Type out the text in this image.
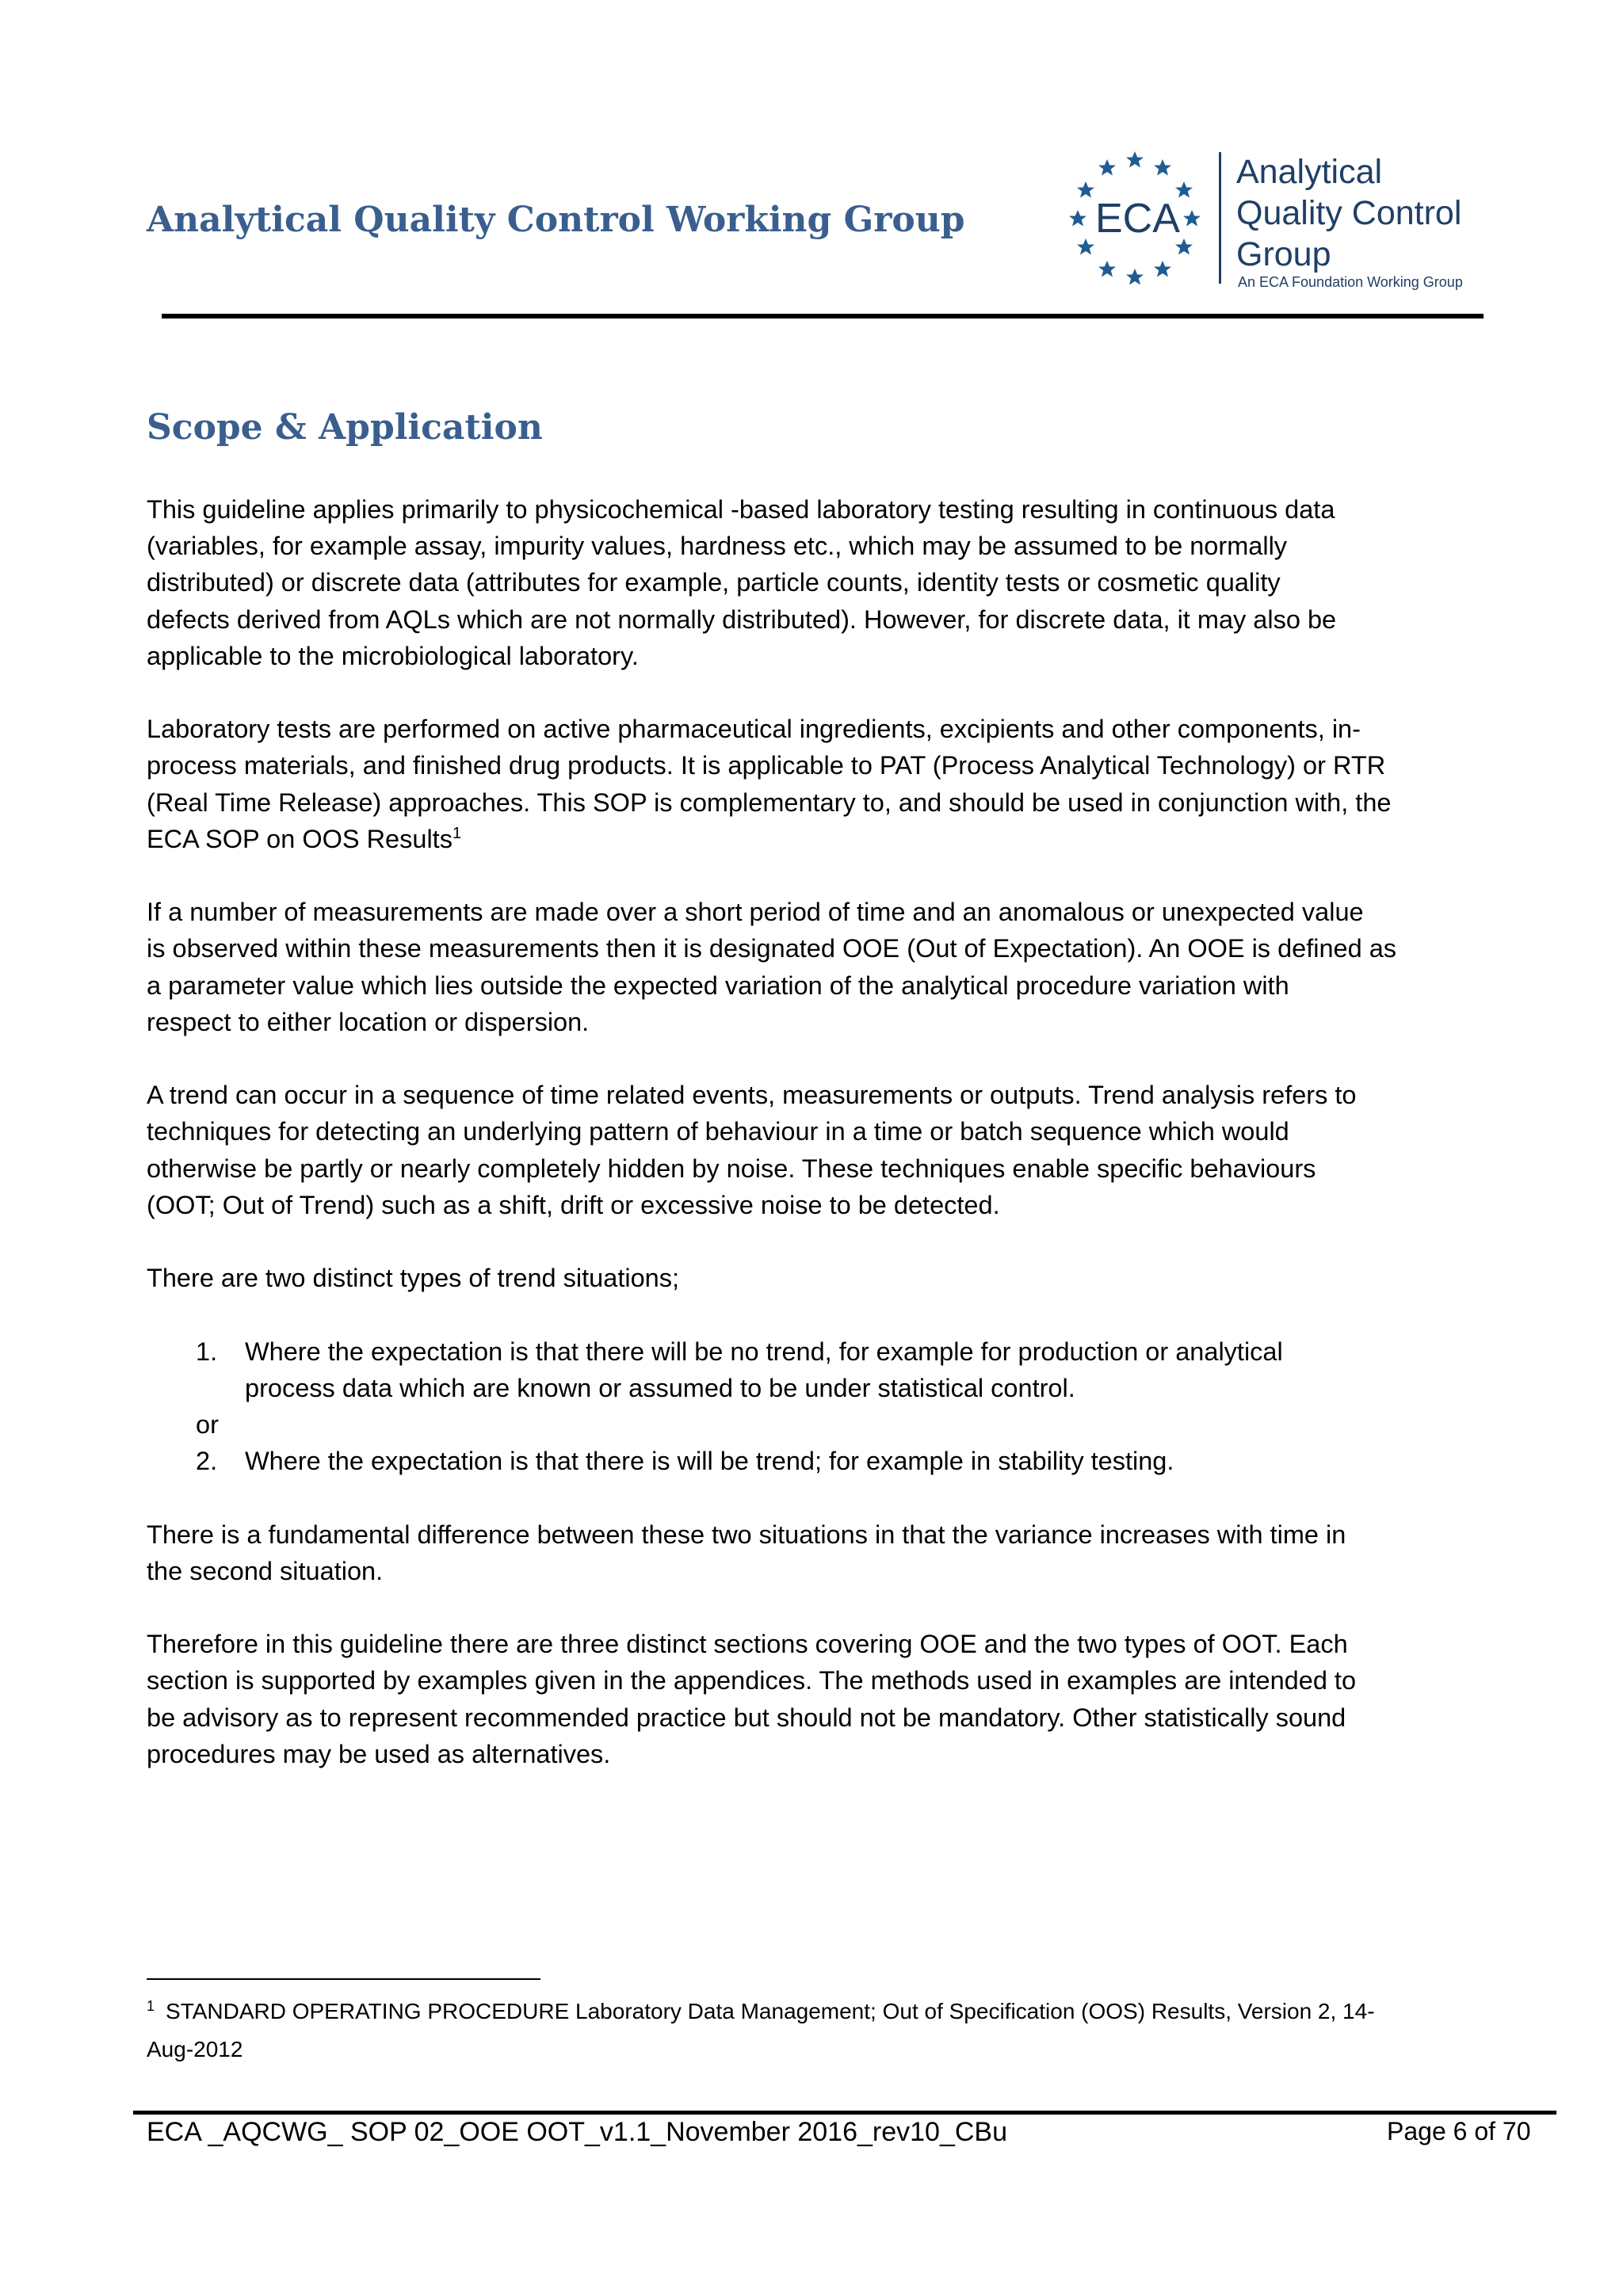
Analytical Quality Control Working Group	ECA
Analytical
Quality Control
Group
An ECA Foundation Working Group
Scope & Application

This guideline applies primarily to physicochemical -based laboratory testing resulting in continuous data
(variables, for example assay, impurity values, hardness etc., which may be assumed to be normally
distributed) or discrete data (attributes for example, particle counts, identity tests or cosmetic quality
defects derived from AQLs which are not normally distributed). However, for discrete data, it may also be
applicable to the microbiological laboratory.

Laboratory tests are performed on active pharmaceutical ingredients, excipients and other components, in-
process materials, and finished drug products. It is applicable to PAT (Process Analytical Technology) or RTR
(Real Time Release) approaches. This SOP is complementary to, and should be used in conjunction with, the
ECA SOP on OOS Results$^1$

If a number of measurements are made over a short period of time and an anomalous or unexpected value
is observed within these measurements then it is designated OOE (Out of Expectation). An OOE is defined as
a parameter value which lies outside the expected variation of the analytical procedure variation with
respect to either location or dispersion.

A trend can occur in a sequence of time related events, measurements or outputs. Trend analysis refers to
techniques for detecting an underlying pattern of behaviour in a time or batch sequence which would
otherwise be partly or nearly completely hidden by noise. These techniques enable specific behaviours
(OOT; Out of Trend) such as a shift, drift or excessive noise to be detected.

There are two distinct types of trend situations;

1. Where the expectation is that there will be no trend, for example for production or analytical
process data which are known or assumed to be under statistical control.
or
2. Where the expectation is that there is will be trend; for example in stability testing.

There is a fundamental difference between these two situations in that the variance increases with time in
the second situation.

Therefore in this guideline there are three distinct sections covering OOE and the two types of OOT. Each
section is supported by examples given in the appendices. The methods used in examples are intended to
be advisory as to represent recommended practice but should not be mandatory. Other statistically sound
procedures may be used as alternatives.

$^1$ STANDARD OPERATING PROCEDURE Laboratory Data Management; Out of Specification (OOS) Results, Version 2, 14-
Aug-2012
ECA _AQCWG_ SOP 02_OOE OOT_v1.1_November 2016_rev10_CBu	Page 6 of 70
